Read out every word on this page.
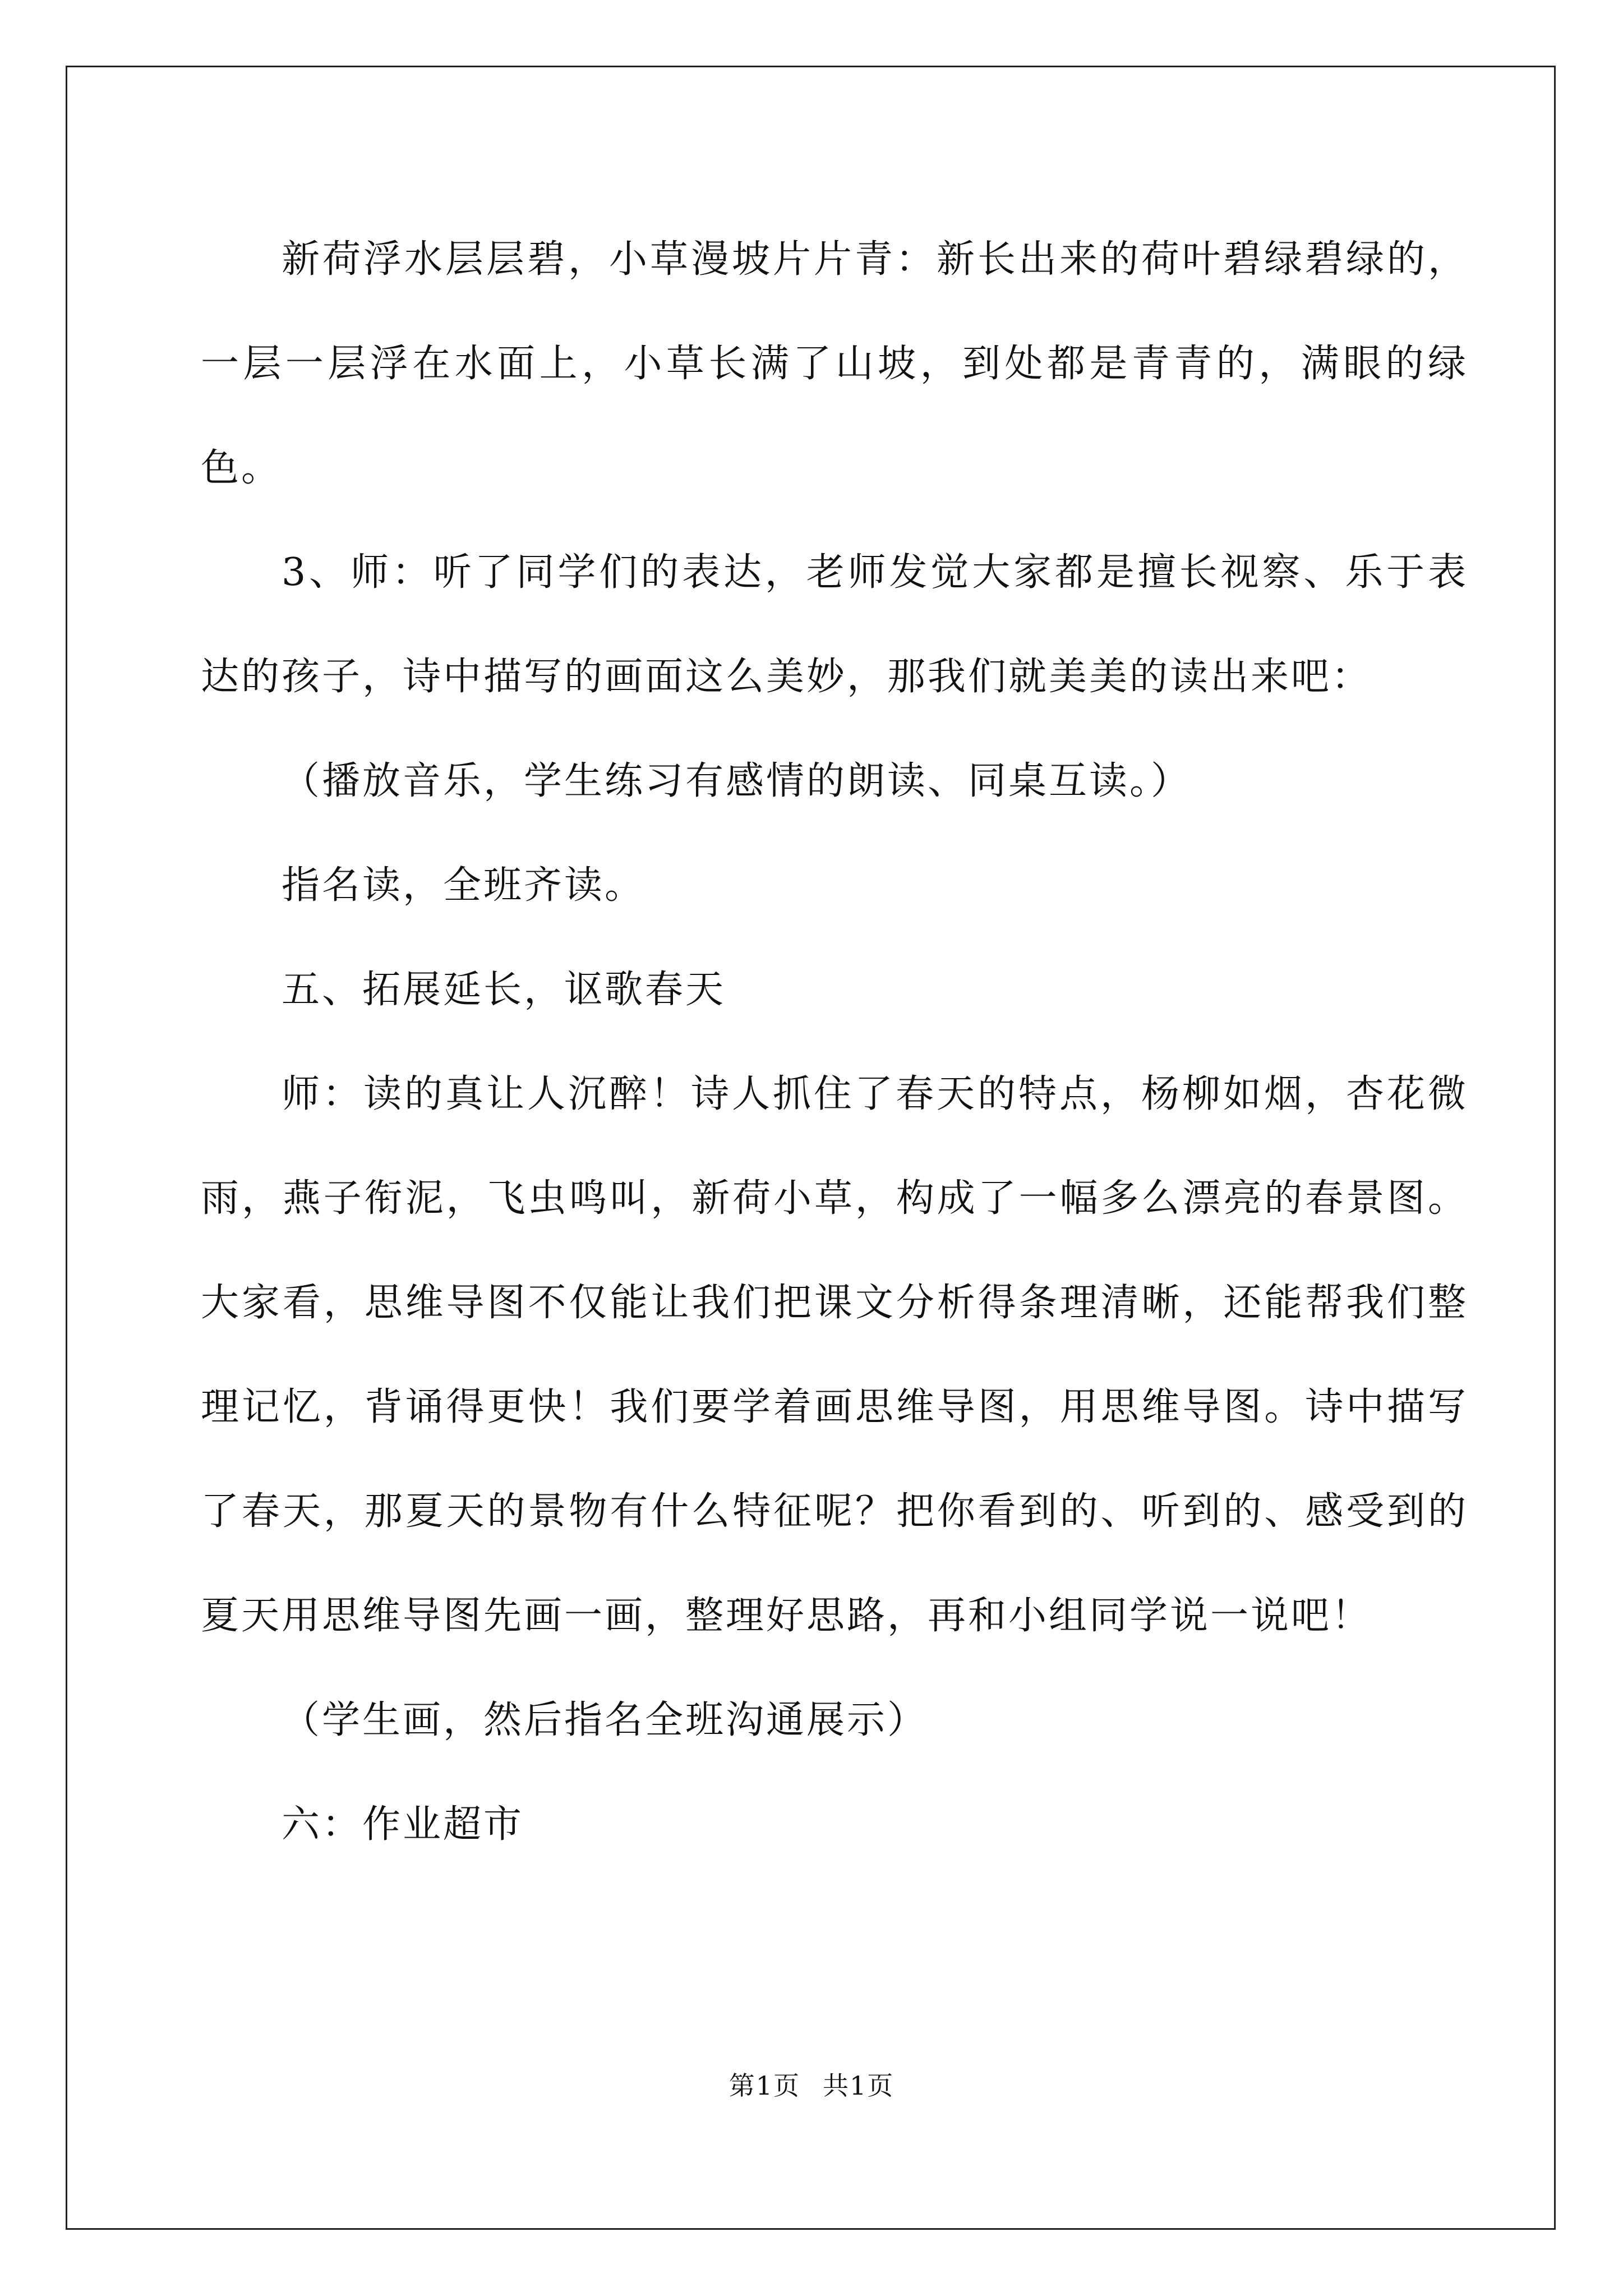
新荷浮水层层碧，小草漫坡片片青：新长出来的荷叶碧绿碧绿的，一层一层浮在水面上，小草长满了山坡，到处都是青青的，满眼的绿色。

3、师：听了同学们的表达，老师发觉大家都是擅长视察、乐于表达的孩子，诗中描写的画面这么美妙，那我们就美美的读出来吧：

（播放音乐，学生练习有感情的朗读、同桌互读。）

指名读，全班齐读。

五、拓展延长，讴歌春天

师：读的真让人沉醉！诗人抓住了春天的特点，杨柳如烟，杏花微雨，燕子衔泥，飞虫鸣叫，新荷小草，构成了一幅多么漂亮的春景图。大家看，思维导图不仅能让我们把课文分析得条理清晰，还能帮我们整理记忆，背诵得更快！我们要学着画思维导图，用思维导图。诗中描写了春天，那夏天的景物有什么特征呢？把你看到的、听到的、感受到的夏天用思维导图先画一画，整理好思路，再和小组同学说一说吧！

（学生画，然后指名全班沟通展示）

六：作业超市

第1页 共1页
